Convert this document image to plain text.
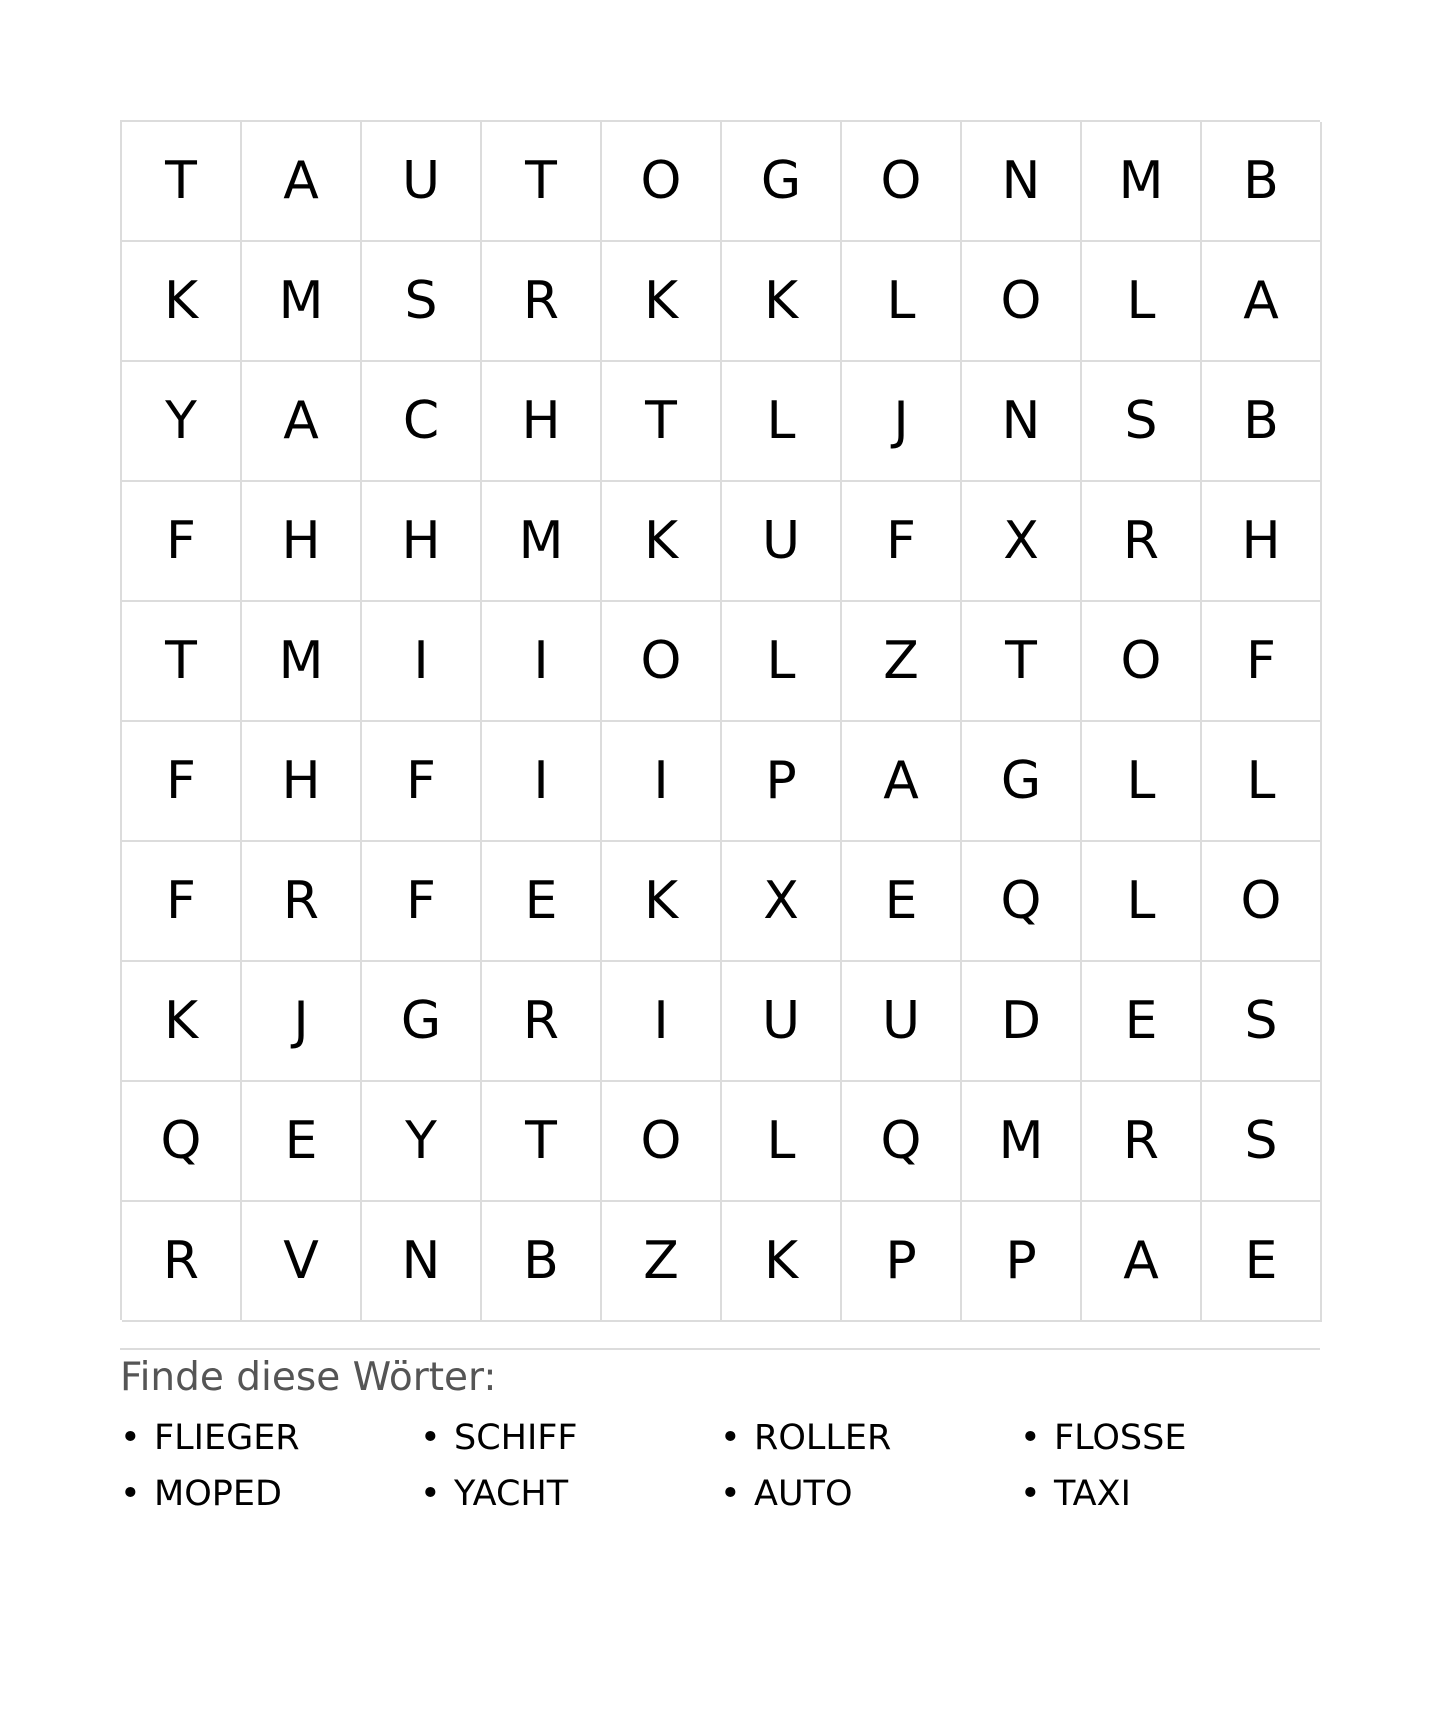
T	A	U	T	O	G	O	N	M	B
K	M	S	R	K	K	L	O	L	A
Y	A	C	H	T	L	J	N	S	B
F	H	H	M	K	U	F	X	R	H
T	M	I	I	O	L	Z	T	O	F
F	H	F	I	I	P	A	G	L	L
F	R	F	E	K	X	E	Q	L	O
K	J	G	R	I	U	U	D	E	S
Q	E	Y	T	O	L	Q	M	R	S
R	V	N	B	Z	K	P	P	A	E
Finde diese Wörter:
• FLIEGER	• SCHIFF	• ROLLER	• FLOSSE
• MOPED	• YACHT	• AUTO	• TAXI
